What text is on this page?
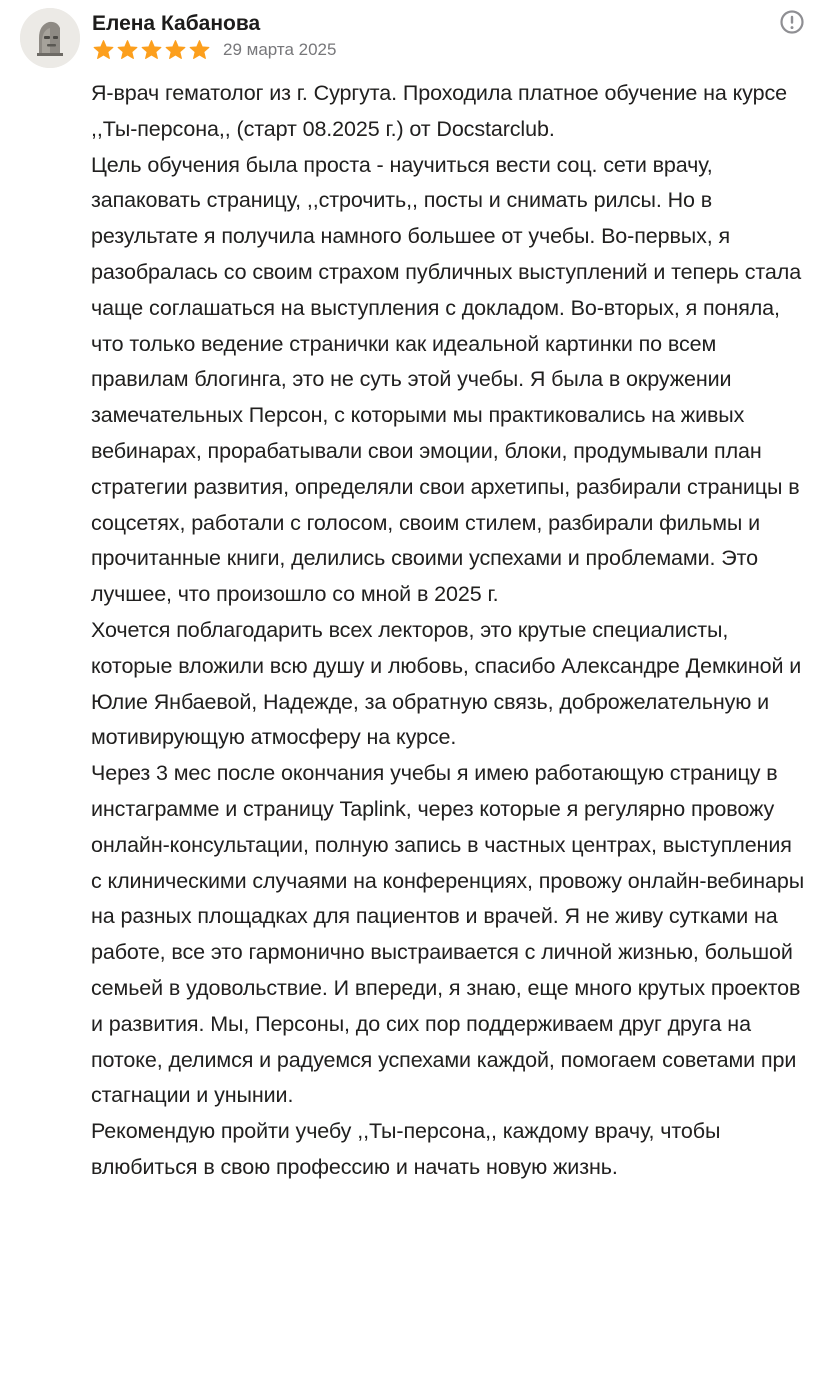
Елена Кабанова
29 марта 2025

Я-врач гематолог из г. Сургута. Проходила платное обучение на курсе ,,Ты-персона,, (старт 08.2025 г.) от Docstarclub.

Цель обучения была проста - научиться вести соц. сети врачу, запаковать страницу, ,,строчить,, посты и снимать рилсы. Но в результате я получила намного большее от учебы. Во-первых, я разобралась со своим страхом публичных выступлений и теперь стала чаще соглашаться на выступления с докладом. Во-вторых, я поняла, что только ведение странички как идеальной картинки по всем правилам блогинга, это не суть этой учебы. Я была в окружении замечательных Персон, с которыми мы практиковались на живых вебинарах, прорабатывали свои эмоции, блоки, продумывали план стратегии развития, определяли свои архетипы, разбирали страницы в соцсетях, работали с голосом, своим стилем, разбирали фильмы и прочитанные книги, делились своими успехами и проблемами. Это лучшее, что произошло со мной в 2025 г.

Хочется поблагодарить всех лекторов, это крутые специалисты, которые вложили всю душу и любовь, спасибо Александре Демкиной и Юлие Янбаевой, Надежде, за обратную связь, доброжелательную и мотивирующую атмосферу на курсе.

Через 3 мес после окончания учебы я имею работающую страницу в инстаграмме и страницу Taplink, через которые я регулярно провожу онлайн-консультации, полную запись в частных центрах, выступления с клиническими случаями на конференциях, провожу онлайн-вебинары на разных площадках для пациентов и врачей. Я не живу сутками на работе, все это гармонично выстраивается с личной жизнью, большой семьей в удовольствие. И впереди, я знаю, еще много крутых проектов и развития. Мы, Персоны, до сих пор поддерживаем друг друга на потоке, делимся и радуемся успехами каждой, помогаем советами при стагнации и унынии.

Рекомендую пройти учебу ,,Ты-персона,, каждому врачу, чтобы влюбиться в свою профессию и начать новую жизнь.
